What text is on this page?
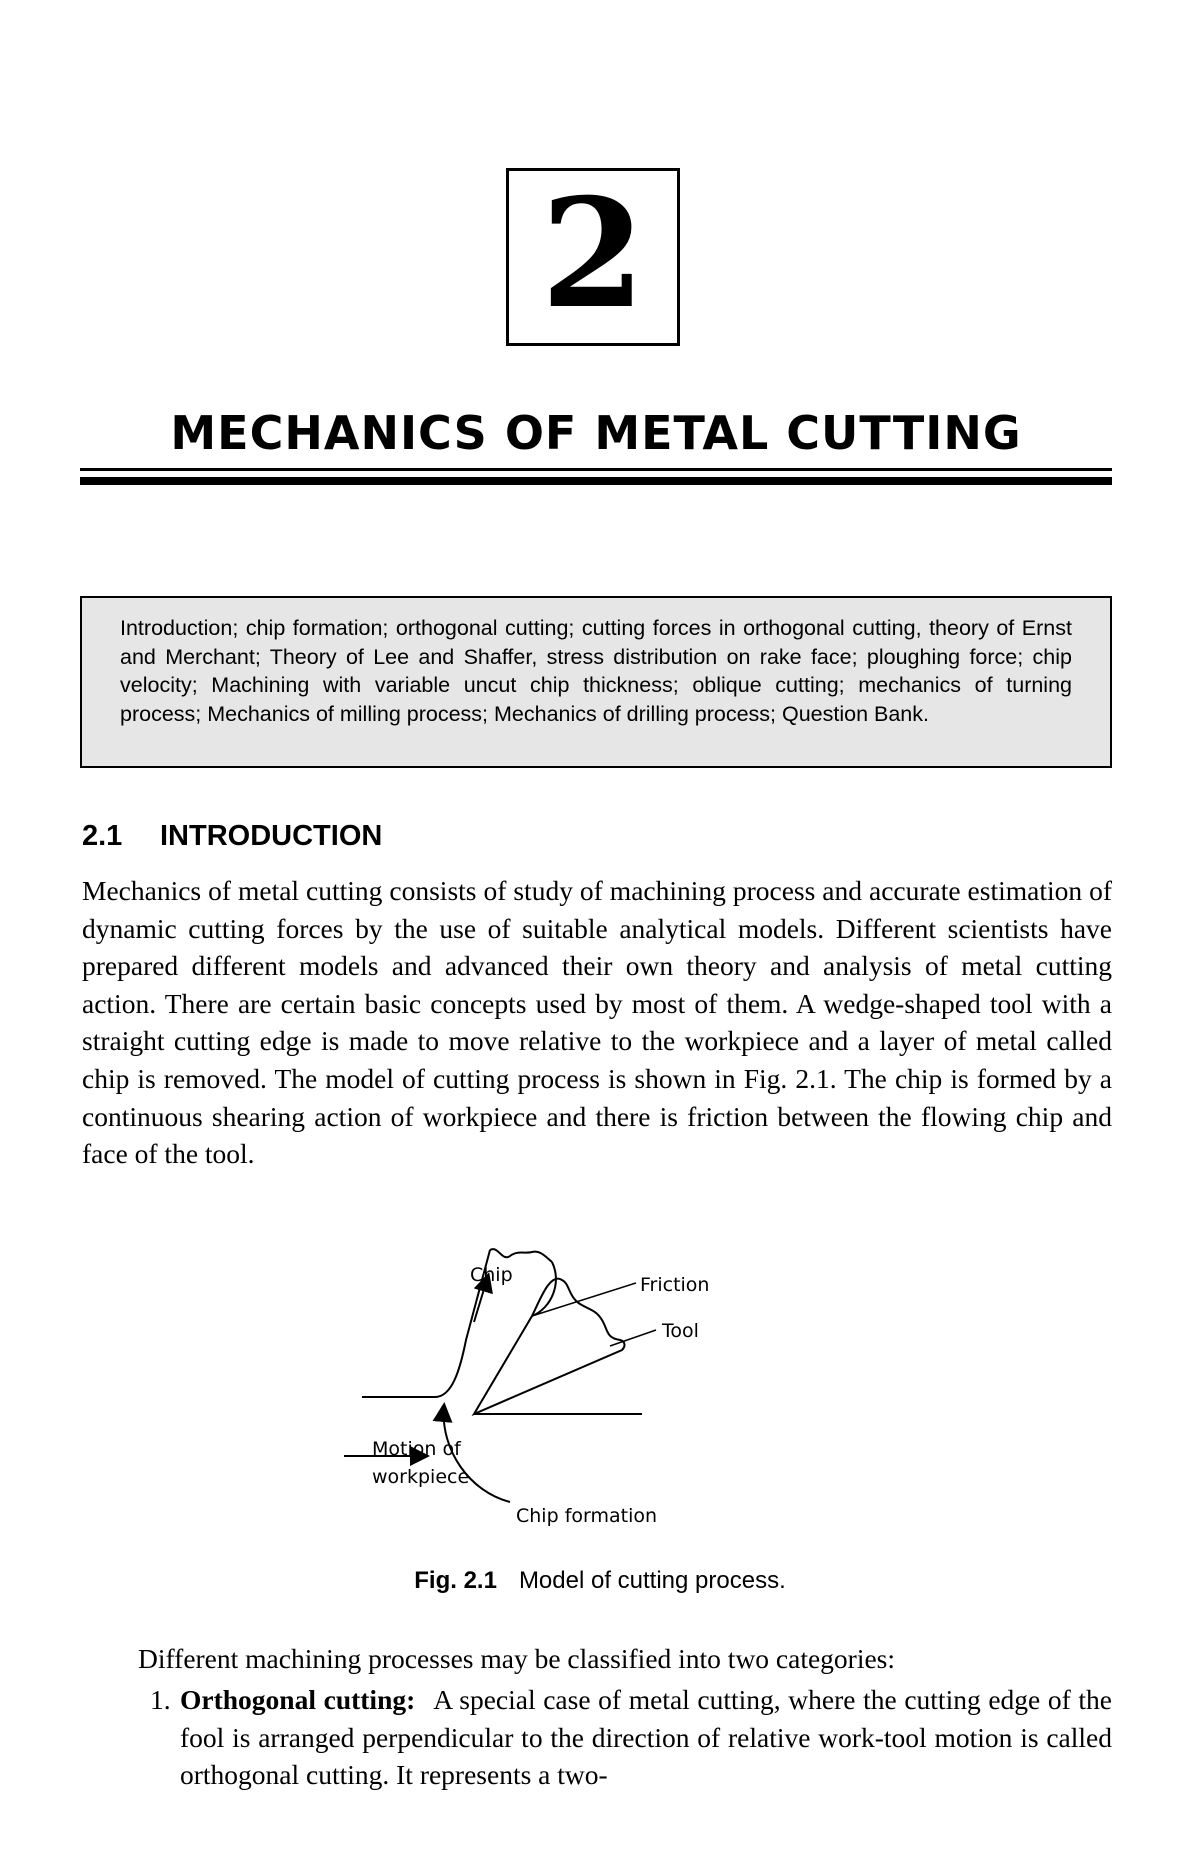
2
MECHANICS OF METAL CUTTING
Introduction; chip formation; orthogonal cutting; cutting forces in orthogonal cutting, theory of Ernst and Merchant; Theory of Lee and Shaffer, stress distribution on rake face; ploughing force; chip velocity; Machining with variable uncut chip thickness; oblique cutting; mechanics of turning process; Mechanics of milling process; Mechanics of drilling process; Question Bank.
2.1 INTRODUCTION
Mechanics of metal cutting consists of study of machining process and accurate estimation of dynamic cutting forces by the use of suitable analytical models. Different scientists have prepared different models and advanced their own theory and analysis of metal cutting action. There are certain basic concepts used by most of them. A wedge-shaped tool with a straight cutting edge is made to move relative to the workpiece and a layer of metal called chip is removed. The model of cutting process is shown in Fig. 2.1. The chip is formed by a continuous shearing action of workpiece and there is friction between the flowing chip and face of the tool.
Chip	Friction
Tool
Motion of
workpiece
Chip formation
Fig. 2.1 Model of cutting process.
Different machining processes may be classified into two categories:
1. Orthogonal cutting: A special case of metal cutting, where the cutting edge of the fool is arranged perpendicular to the direction of relative work-tool motion is called orthogonal cutting. It represents a two-
